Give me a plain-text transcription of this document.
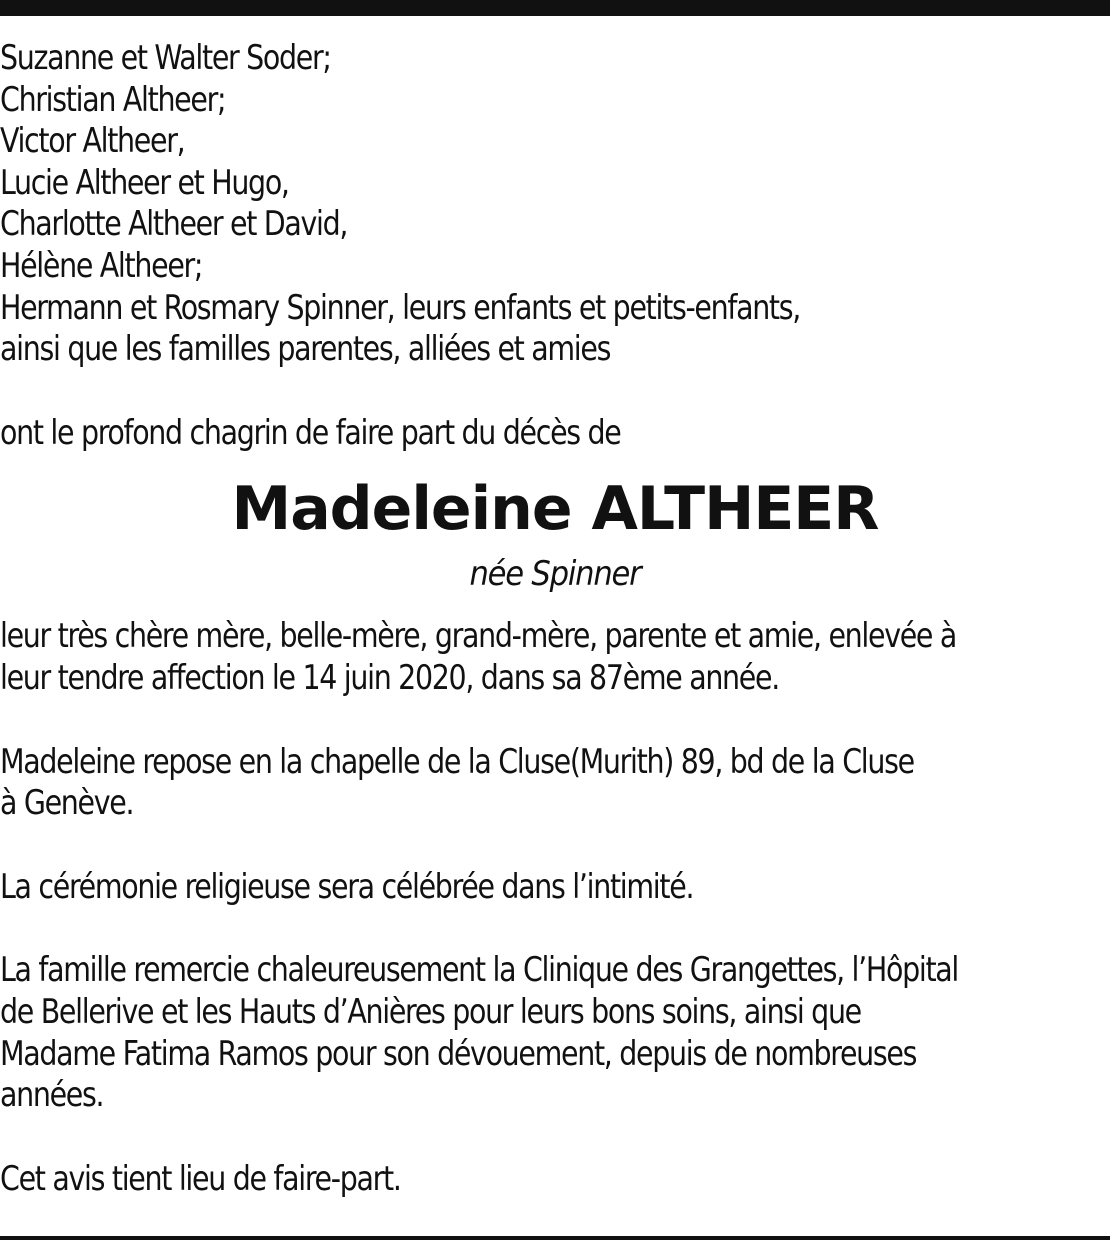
Suzanne et Walter Soder;
Christian Altheer;
Victor Altheer,
Lucie Altheer et Hugo,
Charlotte Altheer et David,
Hélène Altheer;
Hermann et Rosmary Spinner, leurs enfants et petits-enfants,
ainsi que les familles parentes, alliées et amies
ont le profond chagrin de faire part du décès de
Madeleine ALTHEER
née Spinner
leur très chère mère, belle-mère, grand-mère, parente et amie, enlevée à
leur tendre affection le 14 juin 2020, dans sa 87ème année.
Madeleine repose en la chapelle de la Cluse(Murith) 89, bd de la Cluse
à Genève.
La cérémonie religieuse sera célébrée dans l’intimité.
La famille remercie chaleureusement la Clinique des Grangettes, l’Hôpital
de Bellerive et les Hauts d’Anières pour leurs bons soins, ainsi que
Madame Fatima Ramos pour son dévouement, depuis de nombreuses
années.
Cet avis tient lieu de faire-part.
